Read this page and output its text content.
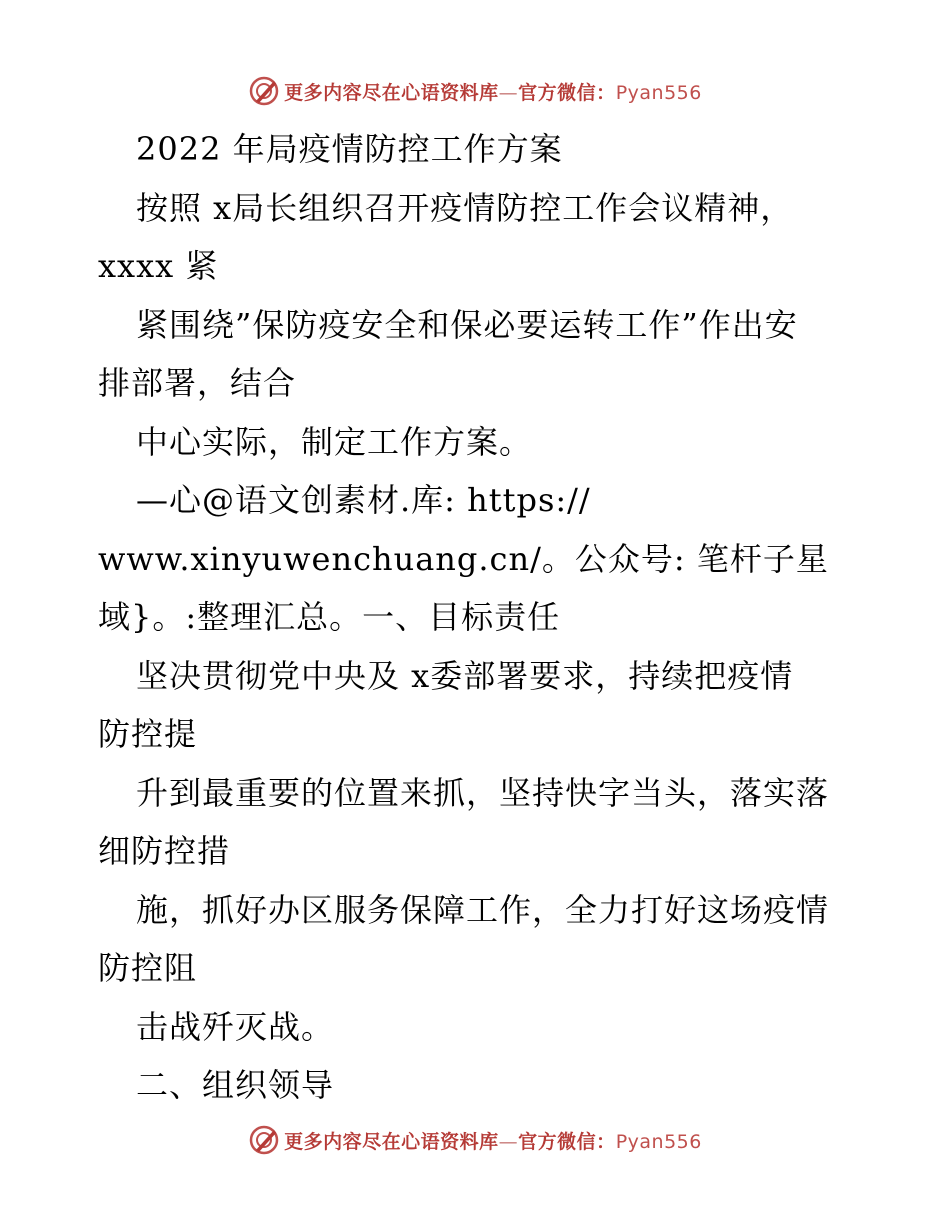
更多内容尽在心语资料库—官方微信：Pyan556
2022 年局疫情防控工作方案
按照 x局长组织召开疫情防控工作会议精神，
xxxx 紧
紧围绕”保防疫安全和保必要运转工作”作出安
排部署，结合
中心实际，制定工作方案。
—心@语文创素材.库: https://
www.xinyuwenchuang.cn/。公众号: 笔杆子星
域}。:整理汇总。一、目标责任
坚决贯彻党中央及 x委部署要求，持续把疫情
防控提
升到最重要的位置来抓，坚持快字当头，落实落
细防控措
施，抓好办区服务保障工作，全力打好这场疫情
防控阻
击战歼灭战。
二、组织领导
更多内容尽在心语资料库—官方微信：Pyan556
